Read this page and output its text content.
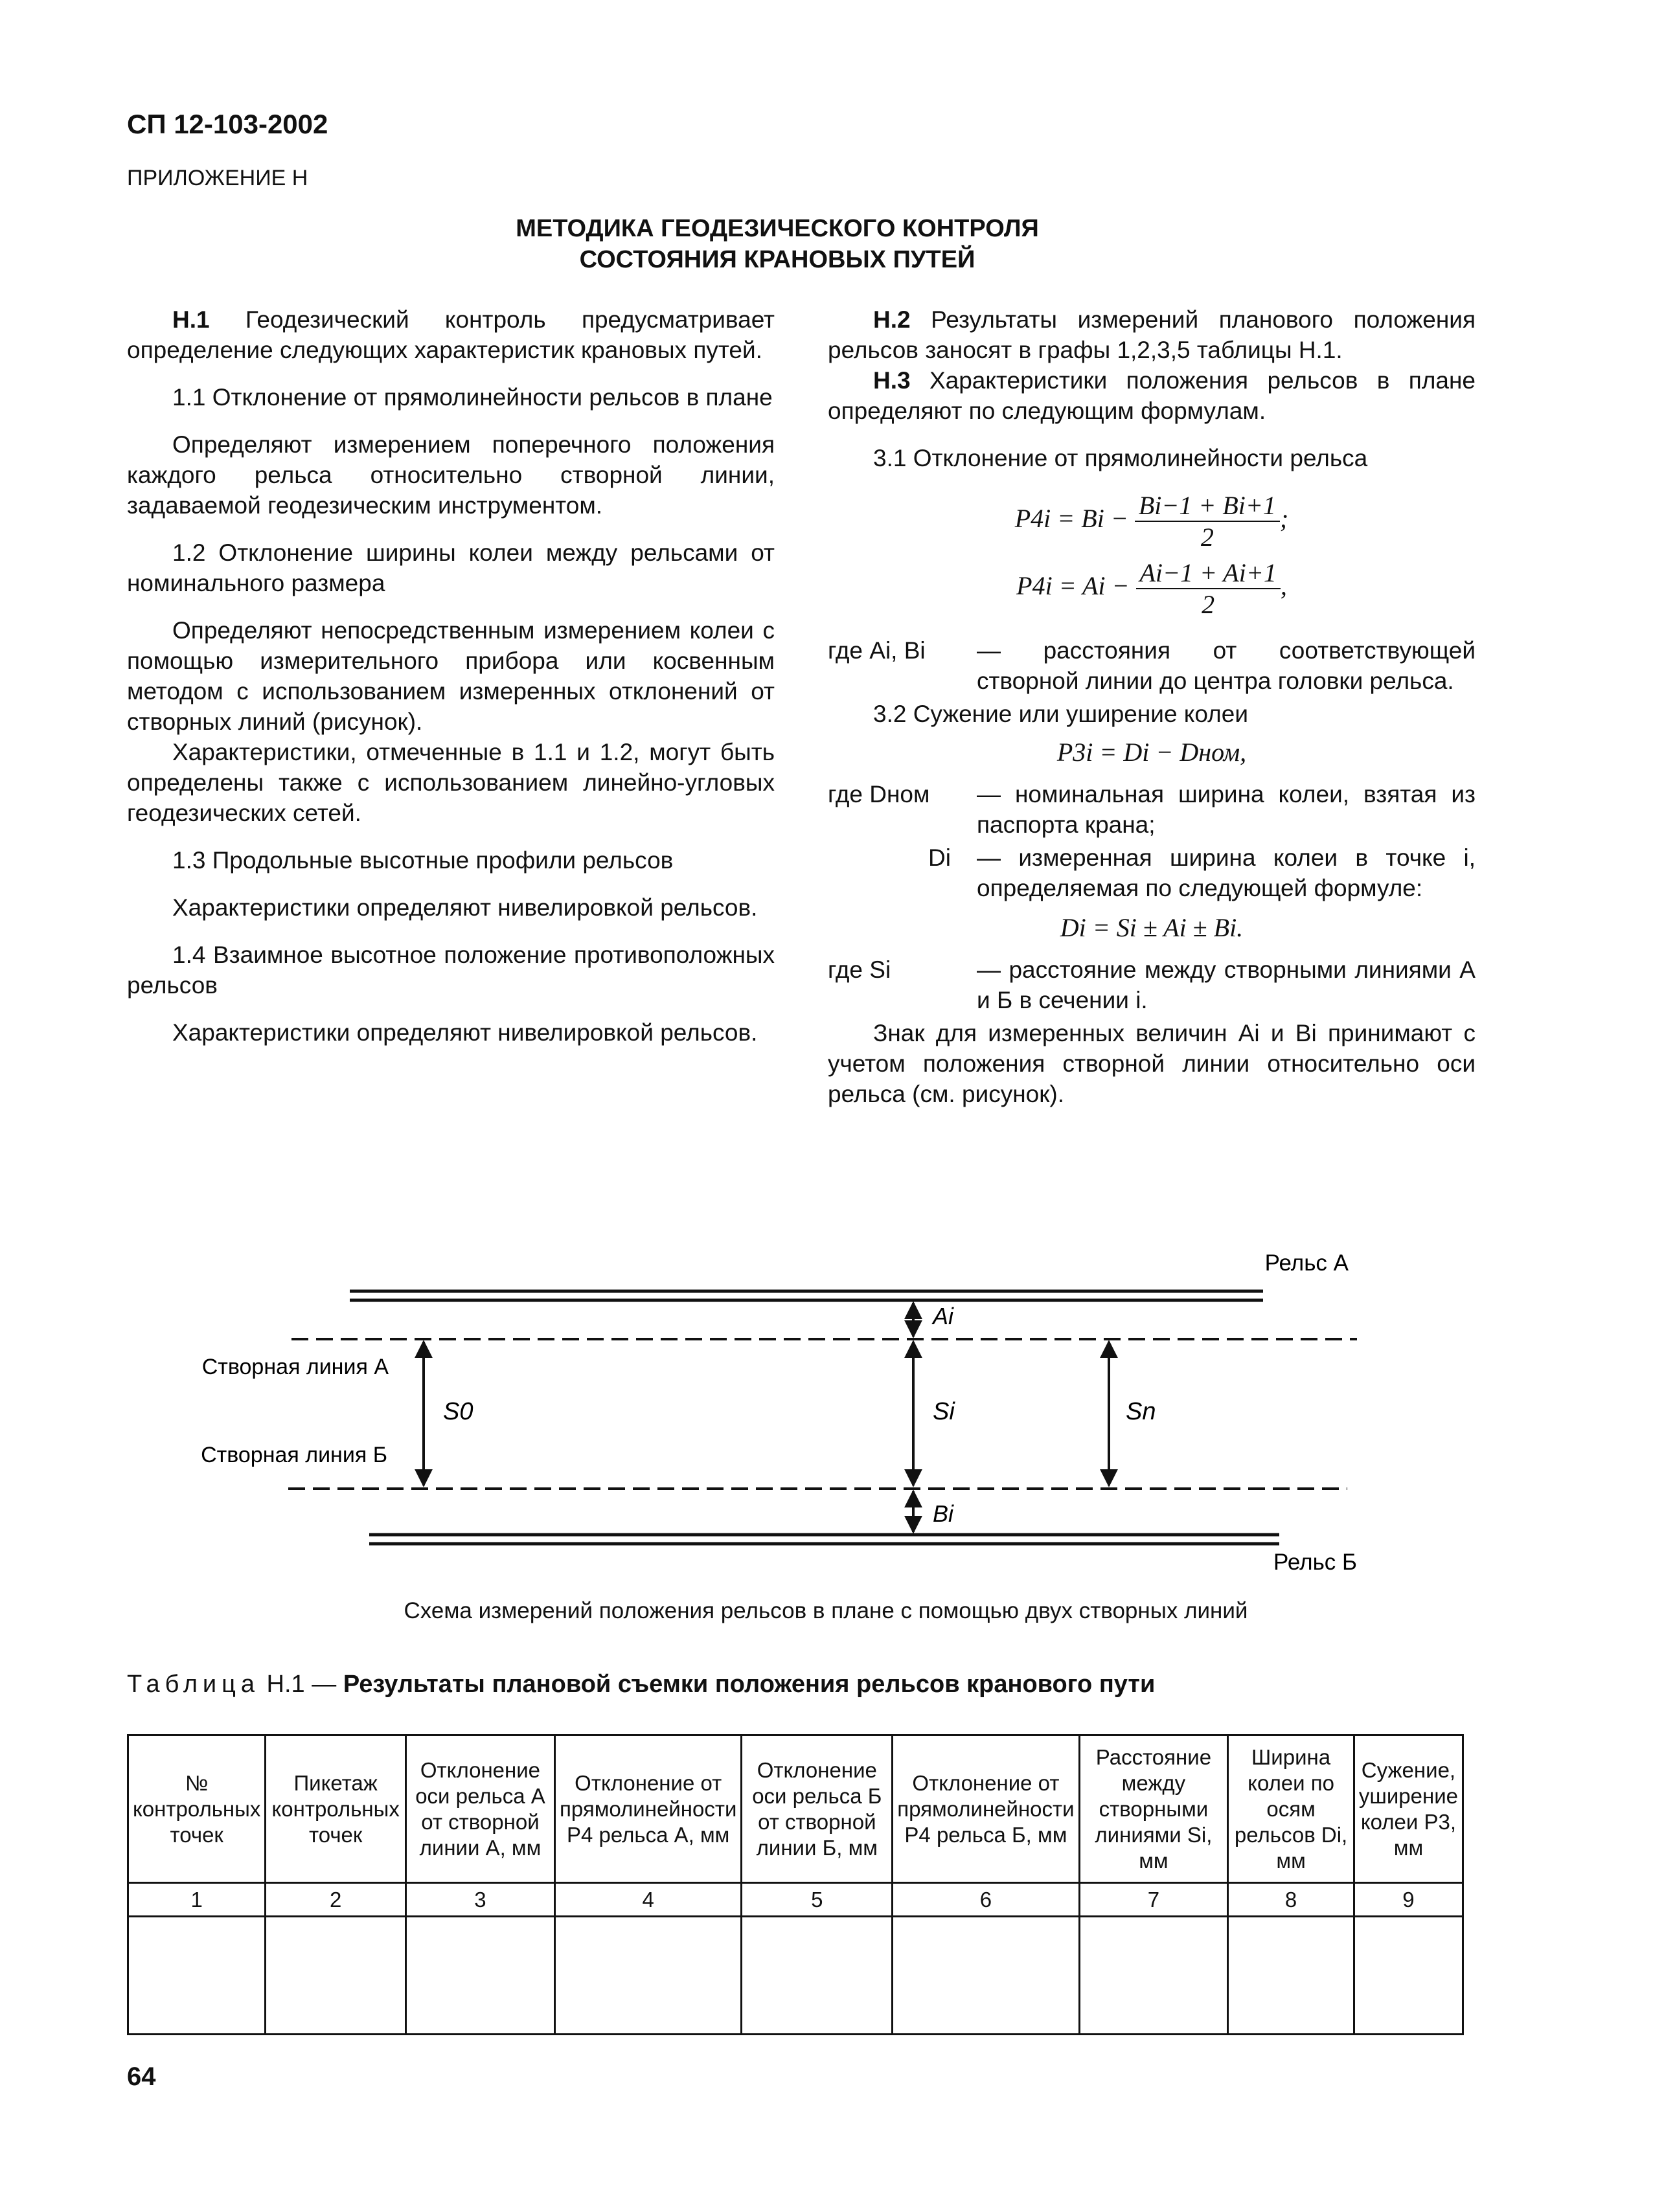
СП 12-103-2002
ПРИЛОЖЕНИЕ Н
МЕТОДИКА ГЕОДЕЗИЧЕСКОГО КОНТРОЛЯ
СОСТОЯНИЯ КРАНОВЫХ ПУТЕЙ

Н.1 Геодезический контроль предусматривает определение следующих характеристик крановых путей.

1.1 Отклонение от прямолинейности рельсов в плане

Определяют измерением поперечного положения каждого рельса относительно створной линии, задаваемой геодезическим инструментом.

1.2 Отклонение ширины колеи между рельсами от номинального размера

Определяют непосредственным измерением колеи с помощью измерительного прибора или косвенным методом с использованием измеренных отклонений от створных линий (рисунок).

Характеристики, отмеченные в 1.1 и 1.2, могут быть определены также с использованием линейно-угловых геодезических сетей.

1.3 Продольные высотные профили рельсов

Характеристики определяют нивелировкой рельсов.

1.4 Взаимное высотное положение противоположных рельсов

Характеристики определяют нивелировкой рельсов.

Н.2 Результаты измерений планового положения рельсов заносят в графы 1,2,3,5 таблицы Н.1.

Н.3 Характеристики положения рельсов в плане определяют по следующим формулам.

3.1 Отклонение от прямолинейности рельса

$P4i = Bi - \frac{Bi-1 + Bi+1}{2}$ ;
$P4i = Ai - \frac{Ai-1 + Ai+1}{2}$ ,
где Ai, Bi	— расстояния от соответствующей створной линии до центра головки рельса.

3.2 Сужение или уширение колеи

P3i = Di − Dном,
где Dном	— номинальная ширина колеи, взятая из паспорта крана;
Di	— измеренная ширина колеи в точке i, определяемая по следующей формуле:
Di = Si ± Ai ± Bi.
где Si	— расстояние между створными линиями А и Б в сечении i.

Знак для измеренных величин Ai и Bi принимают с учетом положения створной линии относительно оси рельса (см. рисунок).

Рельс А
Рельс Б
Створная линия А
Створная линия Б
Ai
Bi
S0	Si	Sn
Схема измерений положения рельсов в плане с помощью двух створных линий
Таблица Н.1 — Результаты плановой съемки положения рельсов кранового пути
№ контрольных точек	Пикетаж контрольных точек	Отклонение оси рельса А от створной линии А, мм	Отклонение от прямолинейности P4 рельса А, мм	Отклонение оси рельса Б от створной линии Б, мм	Отклонение от прямолинейности P4 рельса Б, мм	Расстояние между створными линиями Si, мм	Ширина колеи по осям рельсов Di, мм	Сужение, уширение колеи P3, мм
1	2	3	4	5	6	7	8	9

64
